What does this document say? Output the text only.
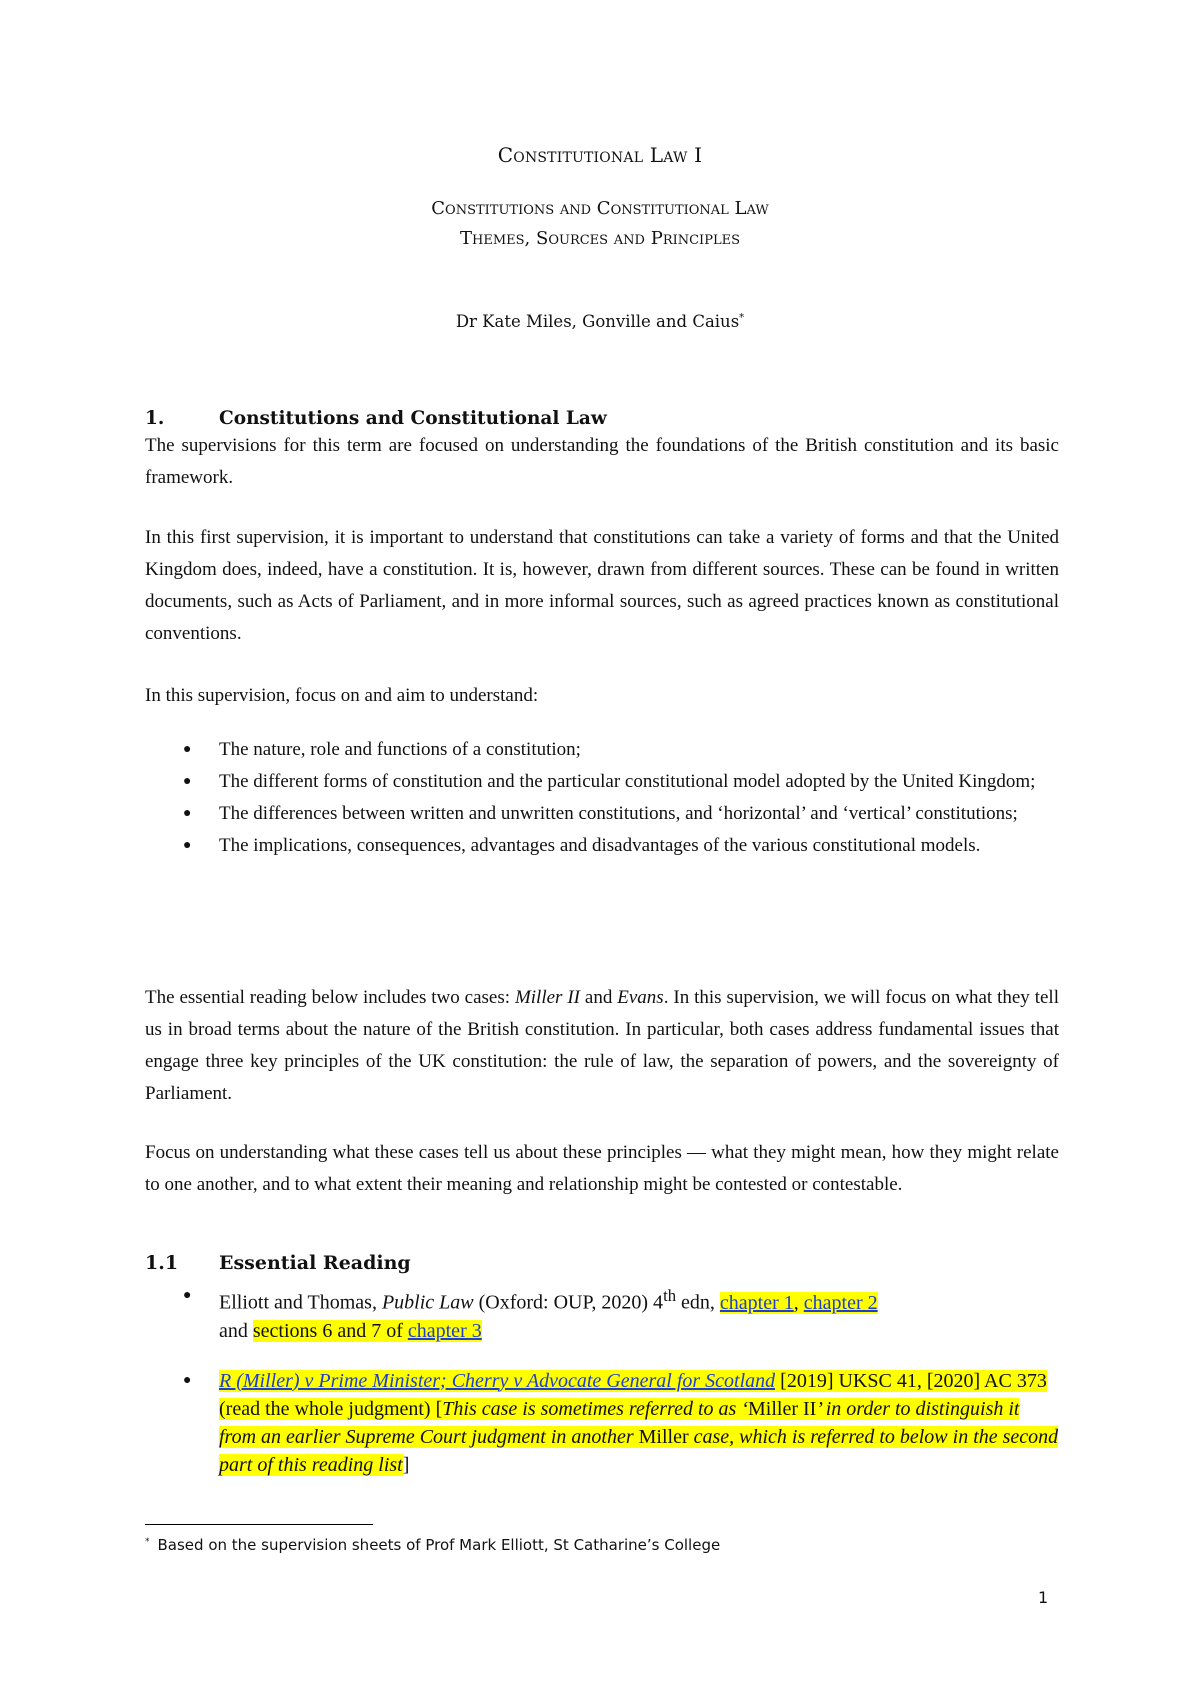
Constitutional Law I
Constitutions and Constitutional Law
Themes, Sources and Principles
Dr Kate Miles, Gonville and Caius*
1.	Constitutions and Constitutional Law

The supervisions for this term are focused on understanding the foundations of the British constitution and its basic framework.

In this first supervision, it is important to understand that constitutions can take a variety of forms and that the United Kingdom does, indeed, have a constitution. It is, however, drawn from different sources. These can be found in written documents, such as Acts of Parliament, and in more informal sources, such as agreed practices known as constitutional conventions.

In this supervision, focus on and aim to understand:

● The nature, role and functions of a constitution;
● The different forms of constitution and the particular constitutional model adopted by the United Kingdom;
● The differences between written and unwritten constitutions, and ‘horizontal’ and ‘vertical’ constitutions;
● The implications, consequences, advantages and disadvantages of the various constitutional models.

The essential reading below includes two cases: Miller II and Evans. In this supervision, we will focus on what they tell us in broad terms about the nature of the British constitution. In particular, both cases address fundamental issues that engage three key principles of the UK constitution: the rule of law, the separation of powers, and the sovereignty of Parliament.

Focus on understanding what these cases tell us about these principles — what they might mean, how they might relate to one another, and to what extent their meaning and relationship might be contested or contestable.

1.1 Essential Reading
● Elliott and Thomas, Public Law (Oxford: OUP, 2020) 4th edn, chapter 1, chapter 2
and sections 6 and 7 of chapter 3
● R (Miller) v Prime Minister; Cherry v Advocate General for Scotland [2019] UKSC 41, [2020] AC 373 (read the whole judgment) [This case is sometimes referred to as ‘Miller II’ in order to distinguish it from an earlier Supreme Court judgment in another Miller case, which is referred to below in the second part of this reading list]
* Based on the supervision sheets of Prof Mark Elliott, St Catharine’s College
1
